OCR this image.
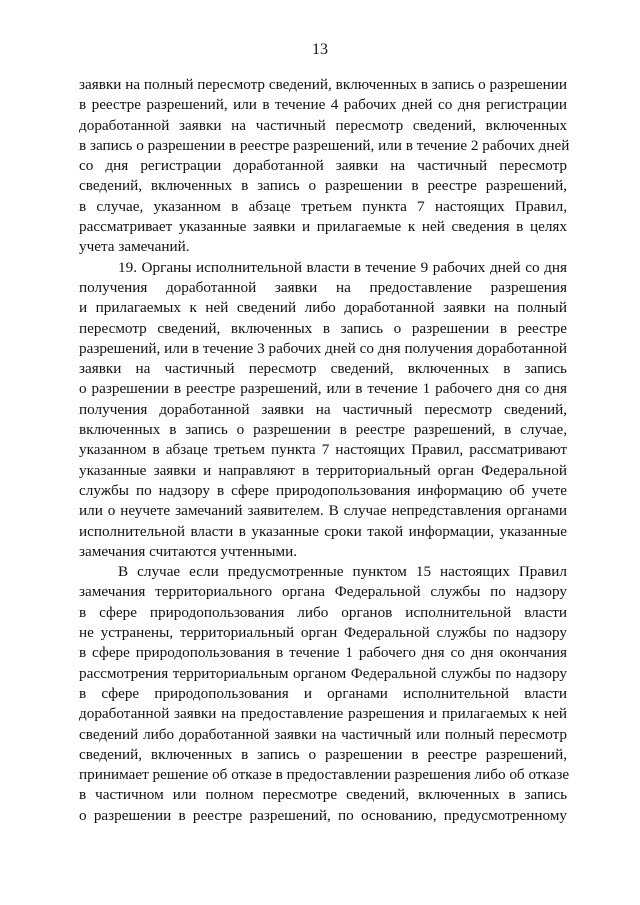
13
заявки на полный пересмотр сведений, включенных в запись о разрешении
в реестре разрешений, или в течение 4 рабочих дней со дня регистрации
доработанной заявки на частичный пересмотр сведений, включенных
в запись о разрешении в реестре разрешений, или в течение 2 рабочих дней
со дня регистрации доработанной заявки на частичный пересмотр
сведений, включенных в запись о разрешении в реестре разрешений,
в случае, указанном в абзаце третьем пункта 7 настоящих Правил,
рассматривает указанные заявки и прилагаемые к ней сведения в целях
учета замечаний.
19. Органы исполнительной власти в течение 9 рабочих дней со дня
получения доработанной заявки на предоставление разрешения
и прилагаемых к ней сведений либо доработанной заявки на полный
пересмотр сведений, включенных в запись о разрешении в реестре
разрешений, или в течение 3 рабочих дней со дня получения доработанной
заявки на частичный пересмотр сведений, включенных в запись
о разрешении в реестре разрешений, или в течение 1 рабочего дня со дня
получения доработанной заявки на частичный пересмотр сведений,
включенных в запись о разрешении в реестре разрешений, в случае,
указанном в абзаце третьем пункта 7 настоящих Правил, рассматривают
указанные заявки и направляют в территориальный орган Федеральной
службы по надзору в сфере природопользования информацию об учете
или о неучете замечаний заявителем. В случае непредставления органами
исполнительной власти в указанные сроки такой информации, указанные
замечания считаются учтенными.
В случае если предусмотренные пунктом 15 настоящих Правил
замечания территориального органа Федеральной службы по надзору
в сфере природопользования либо органов исполнительной власти
не устранены, территориальный орган Федеральной службы по надзору
в сфере природопользования в течение 1 рабочего дня со дня окончания
рассмотрения территориальным органом Федеральной службы по надзору
в сфере природопользования и органами исполнительной власти
доработанной заявки на предоставление разрешения и прилагаемых к ней
сведений либо доработанной заявки на частичный или полный пересмотр
сведений, включенных в запись о разрешении в реестре разрешений,
принимает решение об отказе в предоставлении разрешения либо об отказе
в частичном или полном пересмотре сведений, включенных в запись
о разрешении в реестре разрешений, по основанию, предусмотренному
